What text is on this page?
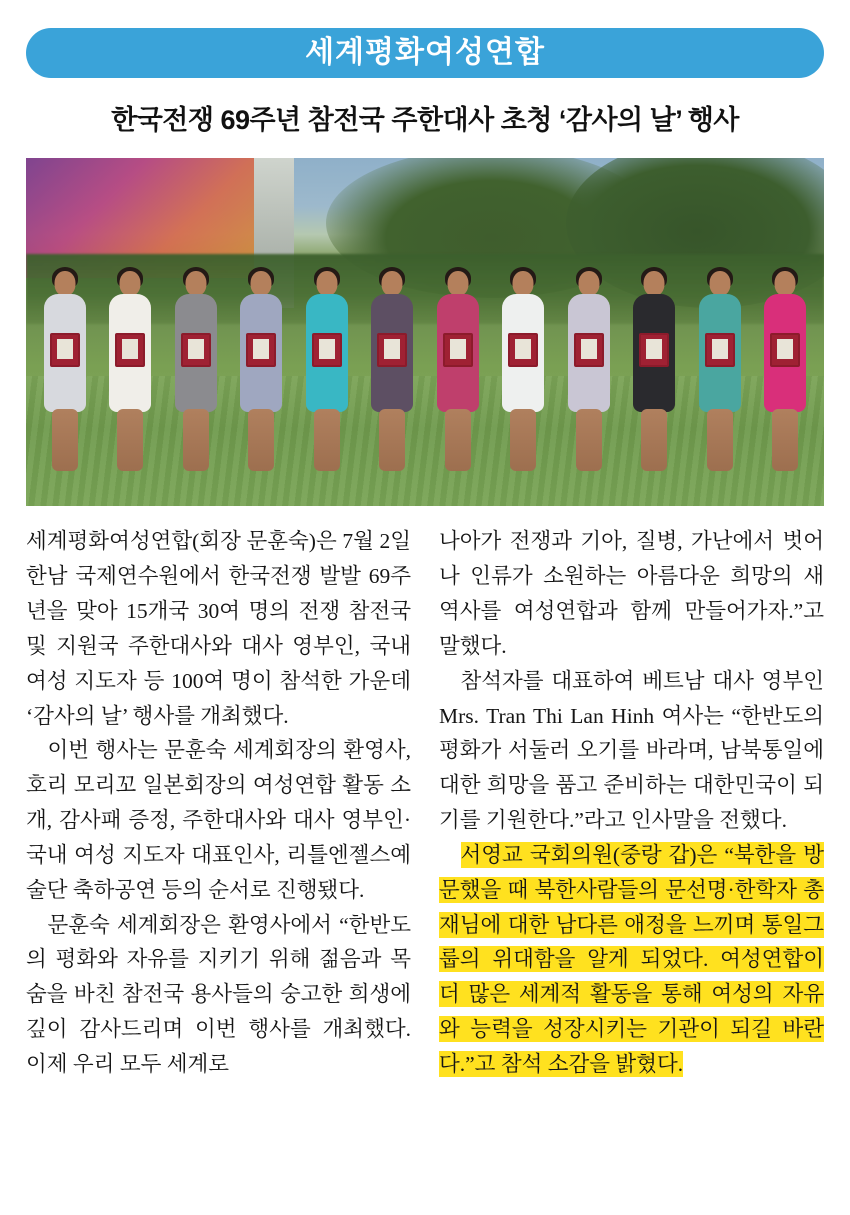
세계평화여성연합
한국전쟁 69주년 참전국 주한대사 초청 ‘감사의 날’ 행사

세계평화여성연합(회장 문훈숙)은 7월 2일 한남 국제연수원에서 한국전쟁 발발 69주년을 맞아 15개국 30여 명의 전쟁 참전국 및 지원국 주한대사와 대사 영부인, 국내 여성 지도자 등 100여 명이 참석한 가운데 ‘감사의 날’ 행사를 개최했다.

이번 행사는 문훈숙 세계회장의 환영사, 호리 모리꼬 일본회장의 여성연합 활동 소개, 감사패 증정, 주한대사와 대사 영부인·국내 여성 지도자 대표인사, 리틀엔젤스예술단 축하공연 등의 순서로 진행됐다.

문훈숙 세계회장은 환영사에서 “한반도의 평화와 자유를 지키기 위해 젊음과 목숨을 바친 참전국 용사들의 숭고한 희생에 깊이 감사드리며 이번 행사를 개최했다. 이제 우리 모두 세계로

나아가 전쟁과 기아, 질병, 가난에서 벗어나 인류가 소원하는 아름다운 희망의 새 역사를 여성연합과 함께 만들어가자.”고 말했다.

참석자를 대표하여 베트남 대사 영부인 Mrs. Tran Thi Lan Hinh 여사는 “한반도의 평화가 서둘러 오기를 바라며, 남북통일에 대한 희망을 품고 준비하는 대한민국이 되기를 기원한다.”라고 인사말을 전했다.

서영교 국회의원(중랑 갑)은 “북한을 방문했을 때 북한사람들의 문선명·한학자 총재님에 대한 남다른 애정을 느끼며 통일그룹의 위대함을 알게 되었다. 여성연합이 더 많은 세계적 활동을 통해 여성의 자유와 능력을 성장시키는 기관이 되길 바란다.”고 참석 소감을 밝혔다.
